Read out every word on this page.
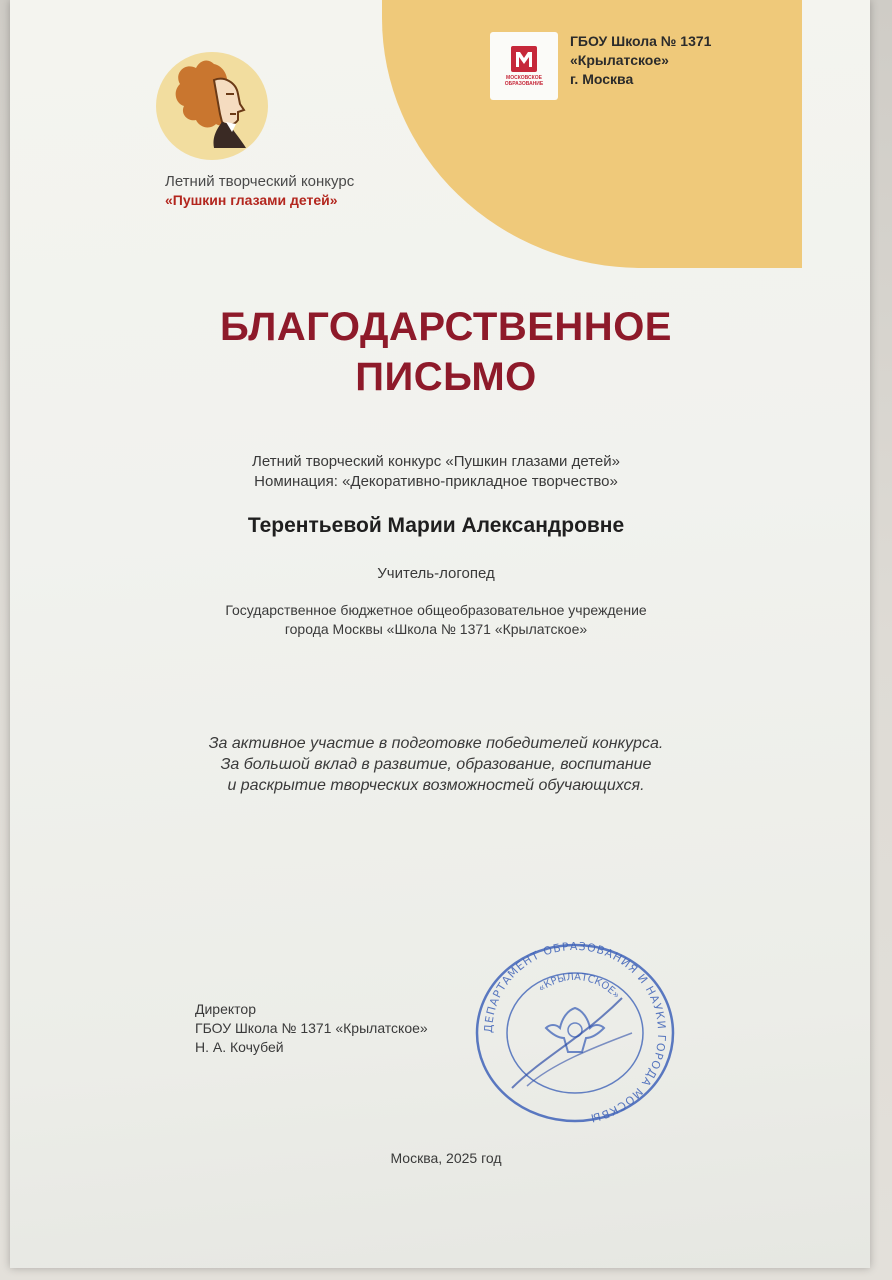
Летний творческий конкурс
«Пушкин глазами детей»
МОСКОВСКОЕ ОБРАЗОВАНИЕ
ГБОУ Школа № 1371
«Крылатское»
г. Москва
БЛАГОДАРСТВЕННОЕ
ПИСЬМО
Летний творческий конкурс «Пушкин глазами детей»
Номинация: «Декоративно-прикладное творчество»
Терентьевой Марии Александровне
Учитель-логопед
Государственное бюджетное общеобразовательное учреждение
города Москвы «Школа № 1371 «Крылатское»
За активное участие в подготовке победителей конкурса.
За большой вклад в развитие, образование, воспитание
и раскрытие творческих возможностей обучающихся.
Директор
ГБОУ Школа № 1371 «Крылатское»
Н. А. Кочубей
ДЕПАРТАМЕНТ ОБРАЗОВАНИЯ И НАУКИ ГОРОДА МОСКВЫ
«КРЫЛАТСКОЕ»
Москва, 2025 год
